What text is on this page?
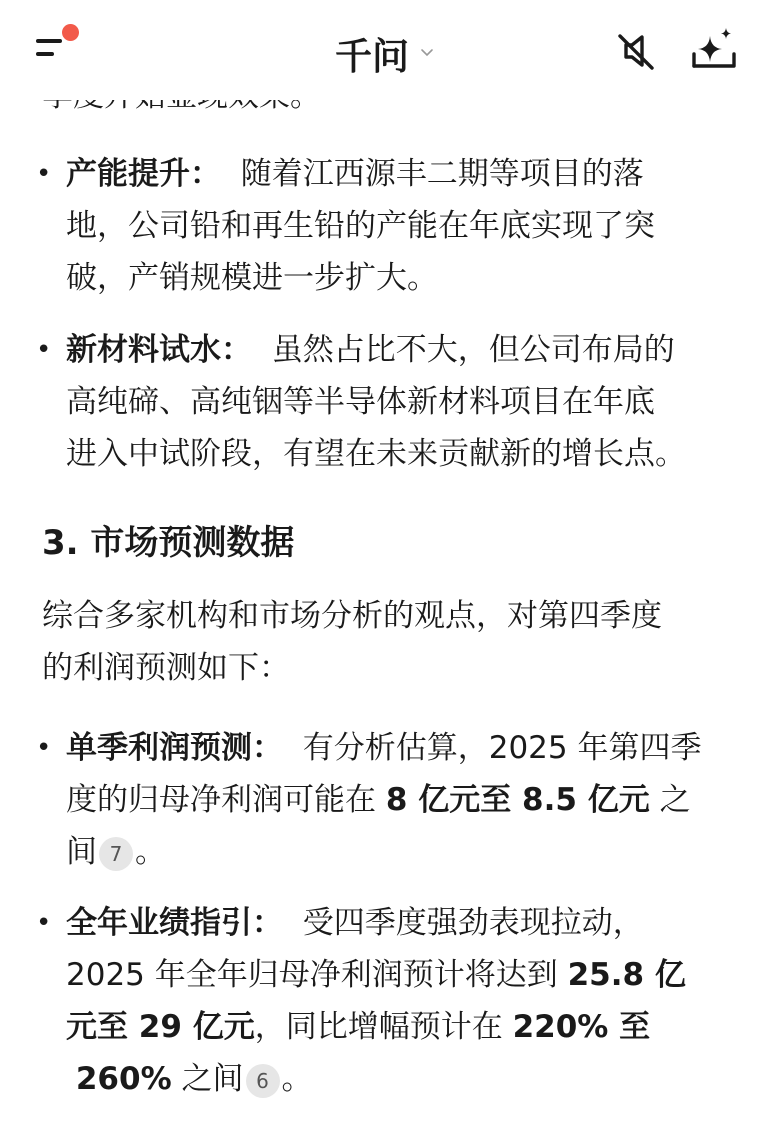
• 产能提升： 随着江西源丰二期等项目的落
地，公司铅和再生铅的产能在年底实现了突
破，产销规模进一步扩大。
• 新材料试水： 虽然占比不大，但公司布局的
高纯碲、高纯铟等半导体新材料项目在年底
进入中试阶段，有望在未来贡献新的增长点。
3. 市场预测数据
综合多家机构和市场分析的观点，对第四季度
的利润预测如下：
• 单季利润预测： 有分析估算，2025 年第四季
度的归母净利润可能在 8 亿元至 8.5 亿元 之
间 7 。
• 全年业绩指引： 受四季度强劲表现拉动，
2025 年全年归母净利润预计将达到 25.8 亿
元至 29 亿元，同比增幅预计在 220% 至
260% 之间 6 。
千问
